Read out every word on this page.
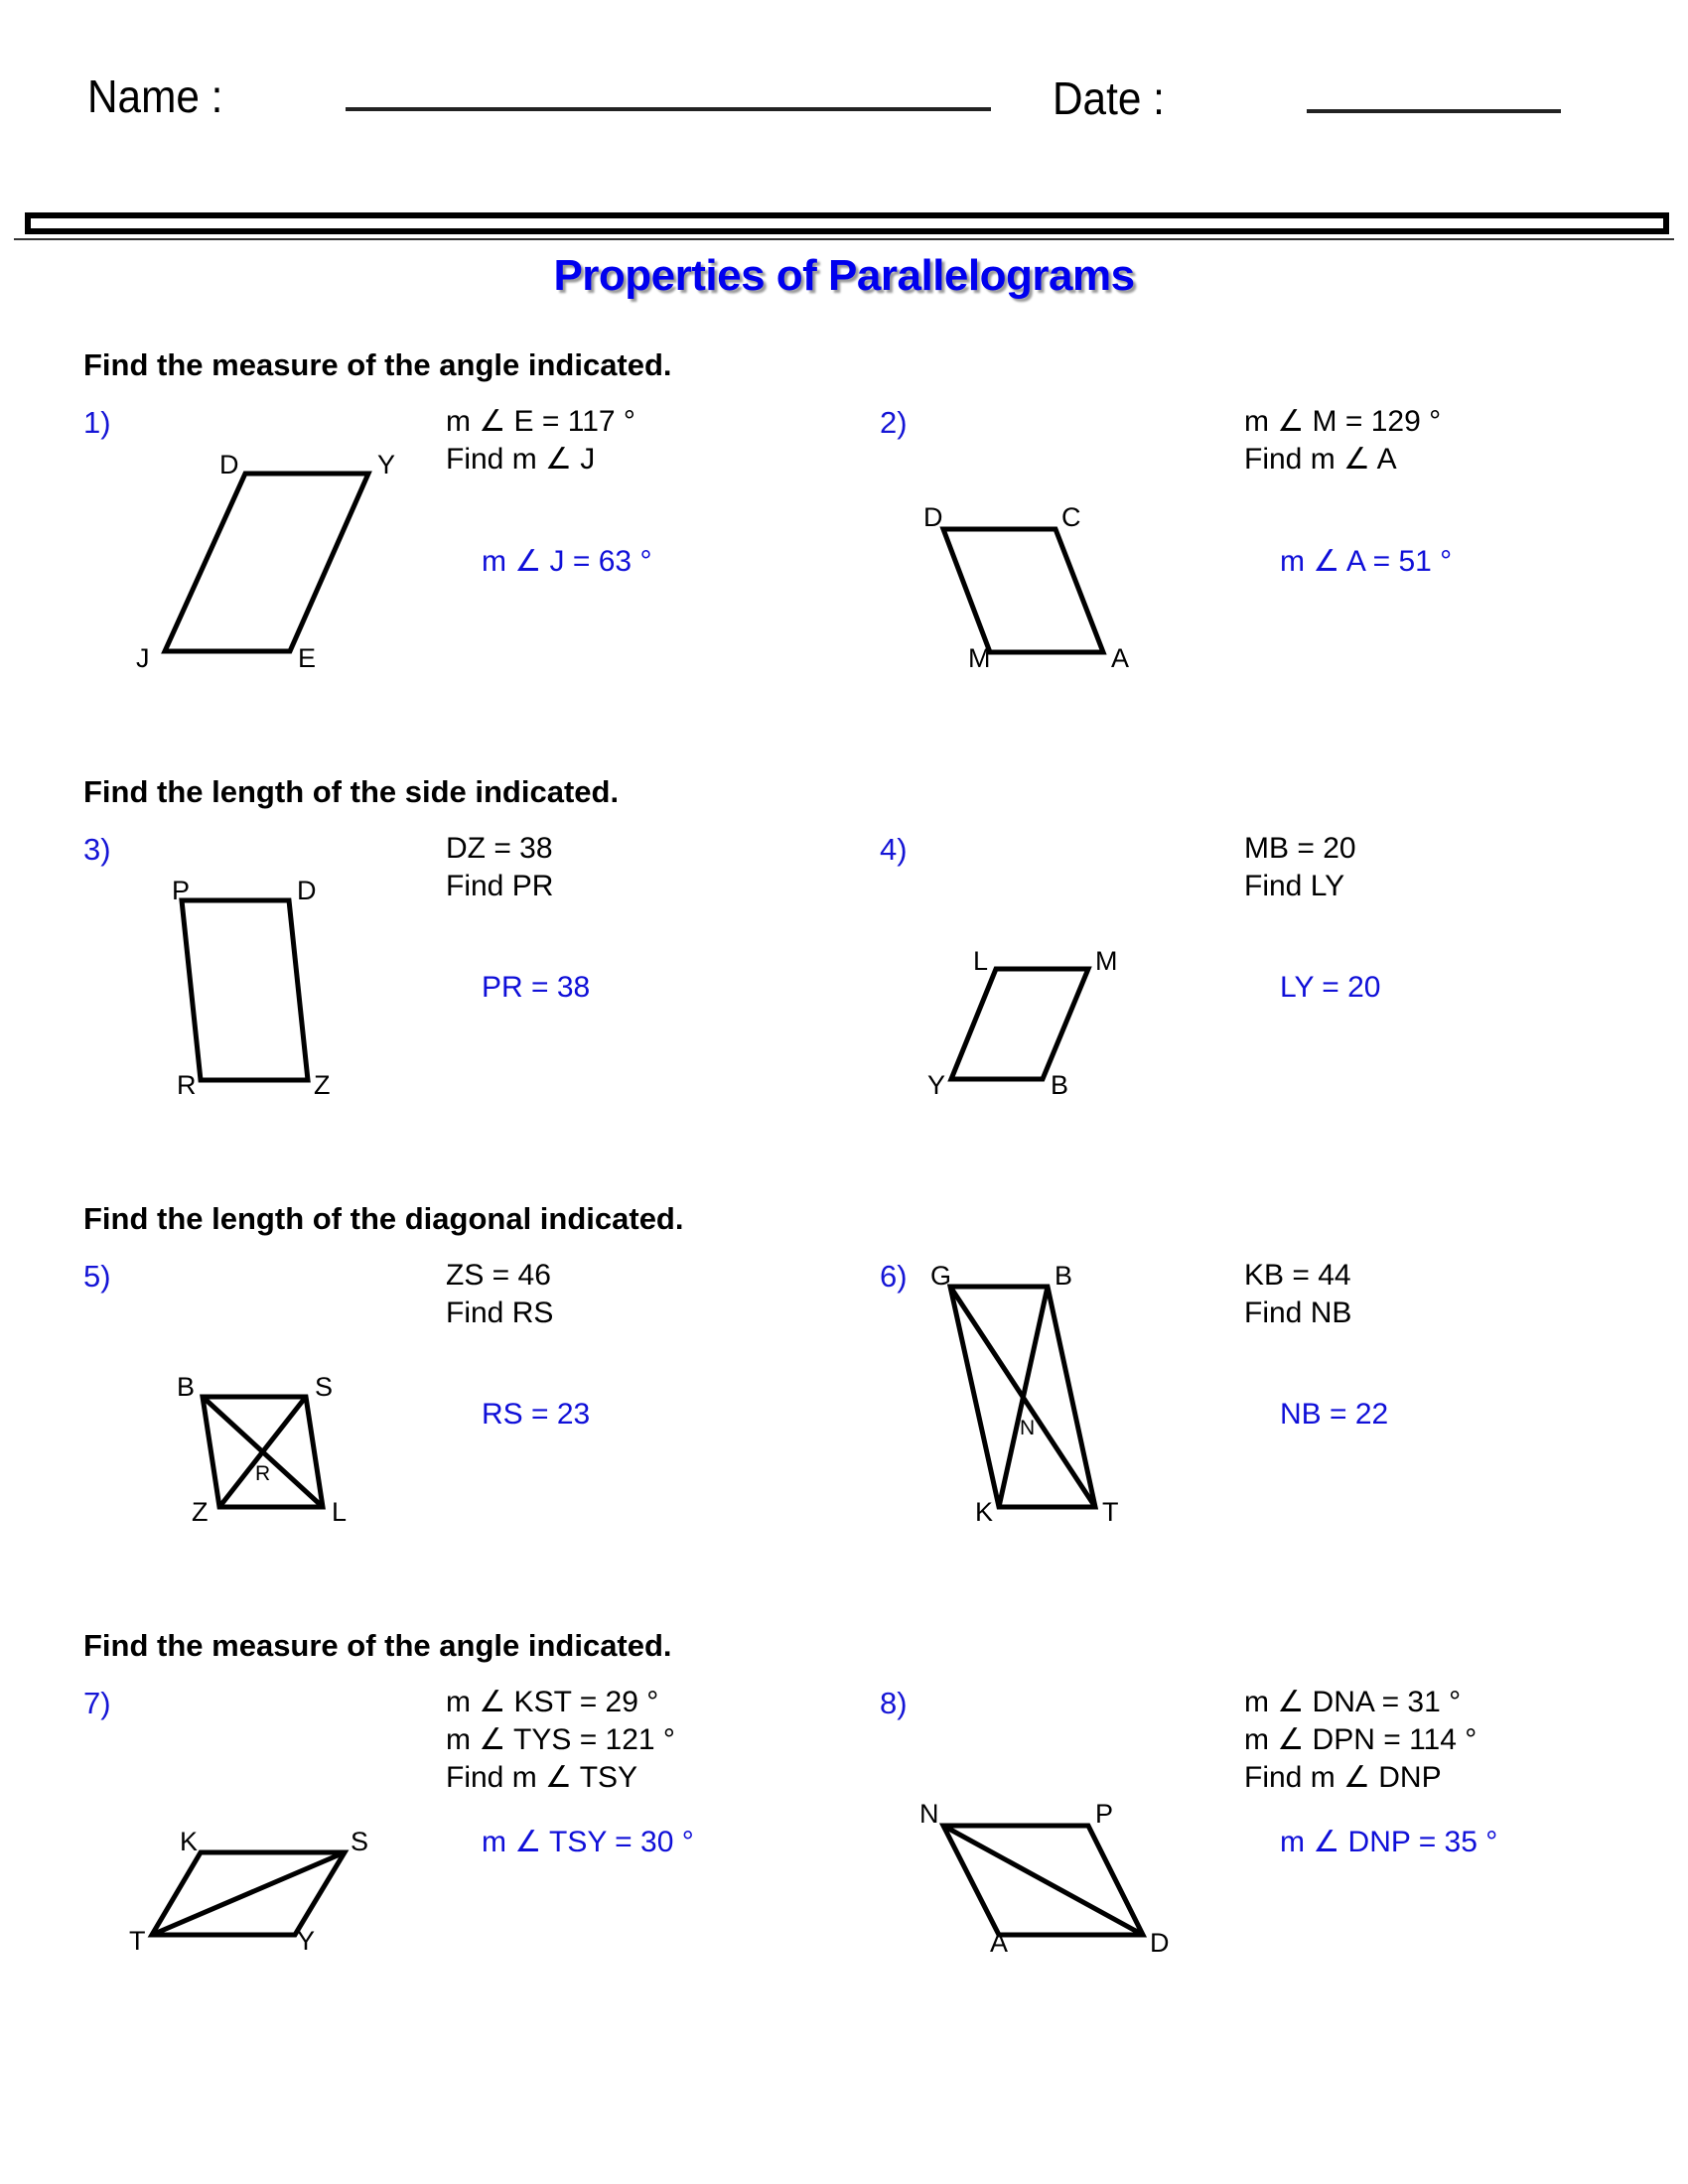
Name :	Date :
Properties of Parallelograms
Find the measure of the angle indicated.
1)	m ∠ E = 117 °
Find m ∠ J
m ∠ J = 63 °
D	Y
J	E
2)	m ∠ M = 129 °
Find m ∠ A
m ∠ A = 51 °
D	C
M	A
Find the length of the side indicated.
3)	DZ = 38
Find PR
PR = 38
P	D
R	Z
4)	MB = 20
Find LY
LY = 20
L	M
Y	B
Find the length of the diagonal indicated.
5)	ZS = 46
Find RS
RS = 23
B	S
Z	L
R
6)	KB = 44
Find NB
NB = 22
G	B
K	T
N
Find the measure of the angle indicated.
7)	m ∠ KST = 29 °
m ∠ TYS = 121 °
Find m ∠ TSY
m ∠ TSY = 30 °
K	S
T	Y
8)	m ∠ DNA = 31 °
m ∠ DPN = 114 °
Find m ∠ DNP
m ∠ DNP = 35 °
N	P
A	D
